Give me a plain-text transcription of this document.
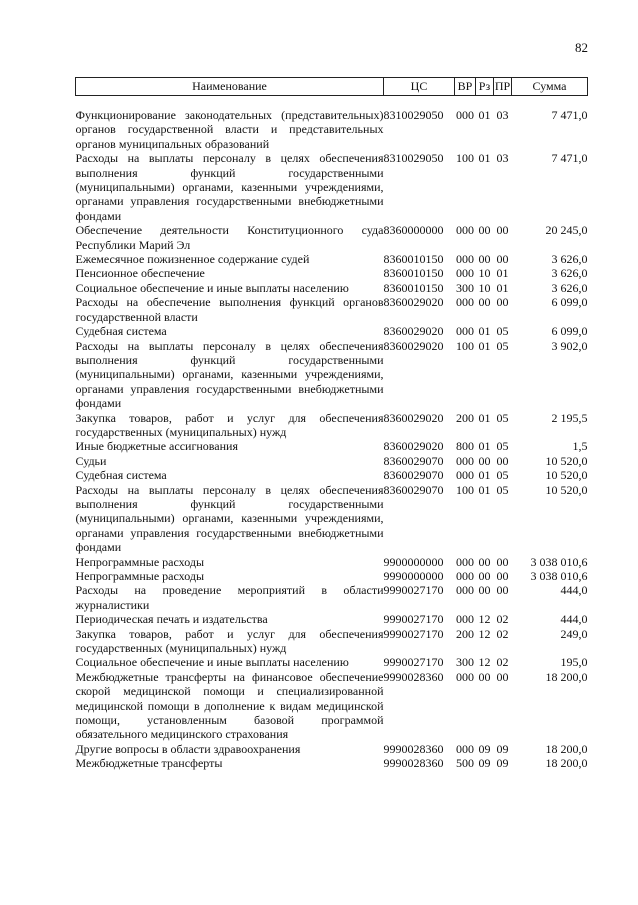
82
Наименование	ЦС	ВР	Рз	ПР	Сумма

Функционирование законодательных (представительных) органов государственной власти и представительных органов муниципальных образований	8310029050	000	01	03	7 471,0
Расходы на выплаты персоналу в целях обеспечения выполнения функций государственными (муниципальными) органами, казенными учреждениями, органами управления государственными внебюджетными фондами	8310029050	100	01	03	7 471,0
Обеспечение деятельности Конституционного суда Республики Марий Эл	8360000000	000	00	00	20 245,0
Ежемесячное пожизненное содержание судей	8360010150	000	00	00	3 626,0
Пенсионное обеспечение	8360010150	000	10	01	3 626,0
Социальное обеспечение и иные выплаты населению	8360010150	300	10	01	3 626,0
Расходы на обеспечение выполнения функций органов государственной власти	8360029020	000	00	00	6 099,0
Судебная система	8360029020	000	01	05	6 099,0
Расходы на выплаты персоналу в целях обеспечения выполнения функций государственными (муниципальными) органами, казенными учреждениями, органами управления государственными внебюджетными фондами	8360029020	100	01	05	3 902,0
Закупка товаров, работ и услуг для обеспечения государственных (муниципальных) нужд	8360029020	200	01	05	2 195,5
Иные бюджетные ассигнования	8360029020	800	01	05	1,5
Судьи	8360029070	000	00	00	10 520,0
Судебная система	8360029070	000	01	05	10 520,0
Расходы на выплаты персоналу в целях обеспечения выполнения функций государственными (муниципальными) органами, казенными учреждениями, органами управления государственными внебюджетными фондами	8360029070	100	01	05	10 520,0
Непрограммные расходы	9900000000	000	00	00	3 038 010,6
Непрограммные расходы	9990000000	000	00	00	3 038 010,6
Расходы на проведение мероприятий в области журналистики	9990027170	000	00	00	444,0
Периодическая печать и издательства	9990027170	000	12	02	444,0
Закупка товаров, работ и услуг для обеспечения государственных (муниципальных) нужд	9990027170	200	12	02	249,0
Социальное обеспечение и иные выплаты населению	9990027170	300	12	02	195,0
Межбюджетные трансферты на финансовое обеспечение скорой медицинской помощи и специализированной медицинской помощи в дополнение к видам медицинской помощи, установленным базовой программой обязательного медицинского страхования	9990028360	000	00	00	18 200,0
Другие вопросы в области здравоохранения	9990028360	000	09	09	18 200,0
Межбюджетные трансферты	9990028360	500	09	09	18 200,0
